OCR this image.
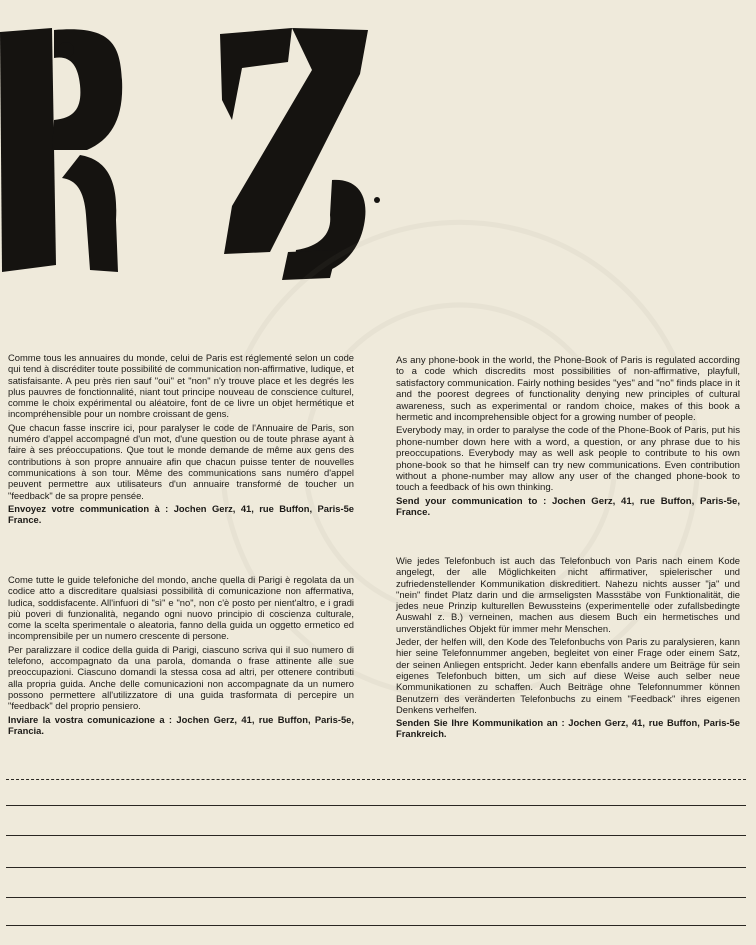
Comme tous les annuaires du monde, celui de Paris est réglementé selon un code qui tend à discréditer toute possibilité de communication non-affirmative, ludique, et satisfaisante. A peu près rien sauf "oui" et "non" n'y trouve place et les degrés les plus pauvres de fonctionnalité, niant tout principe nouveau de conscience culturel, comme le choix expérimental ou aléatoire, font de ce livre un objet hermétique et incompréhensible pour un nombre croissant de gens.

Que chacun fasse inscrire ici, pour paralyser le code de l'Annuaire de Paris, son numéro d'appel accompagné d'un mot, d'une question ou de toute phrase ayant à faire à ses préoccupations. Que tout le monde demande de même aux gens des contributions à son propre annuaire afin que chacun puisse tenter de nouvelles communications à son tour. Même des communications sans numéro d'appel peuvent permettre aux utilisateurs d'un annuaire transformé de toucher un "feedback" de sa propre pensée.

Envoyez votre communication à : Jochen Gerz, 41, rue Buffon, Paris-5e France.

As any phone-book in the world, the Phone-Book of Paris is regulated according to a code which discredits most possibilities of non-affirmative, playfull, satisfactory communication. Fairly nothing besides "yes" and "no" finds place in it and the poorest degrees of functionality denying new principles of cultural awareness, such as experimental or random choice, makes of this book a hermetic and incomprehensible object for a growing number of people.

Everybody may, in order to paralyse the code of the Phone-Book of Paris, put his phone-number down here with a word, a question, or any phrase due to his preoccupations. Everybody may as well ask people to contribute to his own phone-book so that he himself can try new communications. Even contribution without a phone-number may allow any user of the changed phone-book to touch a feedback of his own thinking.

Send your communication to : Jochen Gerz, 41, rue Buffon, Paris-5e, France.

Come tutte le guide telefoniche del mondo, anche quella di Parigi è regolata da un codice atto a discreditare qualsiasi possibilità di comunicazione non affermativa, ludica, soddisfacente. All'infuori di "sì" e "no", non c'è posto per nient'altro, e i gradi più poveri di funzionalità, negando ogni nuovo principio di coscienza culturale, come la scelta sperimentale o aleatoria, fanno della guida un oggetto ermetico ed incomprensibile per un numero crescente di persone.

Per paralizzare il codice della guida di Parigi, ciascuno scriva qui il suo numero di telefono, accompagnato da una parola, domanda o frase attinente alle sue preoccupazioni. Ciascuno domandi la stessa cosa ad altri, per ottenere contributi alla propria guida. Anche delle comunicazioni non accompagnate da un numero possono permettere all'utilizzatore di una guida trasformata di percepire un "feedback" del proprio pensiero.

Inviare la vostra comunicazione a : Jochen Gerz, 41, rue Buffon, Paris-5e, Francia.

Wie jedes Telefonbuch ist auch das Telefonbuch von Paris nach einem Kode angelegt, der alle Möglichkeiten nicht affirmativer, spielerischer und zufriedenstellender Kommunikation diskreditiert. Nahezu nichts ausser "ja" und "nein" findet Platz darin und die armseligsten Massstäbe von Funktionalität, die jedes neue Prinzip kulturellen Bewussteins (experimentelle oder zufallsbedingte Auswahl z. B.) verneinen, machen aus diesem Buch ein hermetisches und unverständliches Objekt für immer mehr Menschen.

Jeder, der helfen will, den Kode des Telefonbuchs von Paris zu paralysieren, kann hier seine Telefonnummer angeben, begleitet von einer Frage oder einem Satz, der seinen Anliegen entspricht. Jeder kann ebenfalls andere um Beiträge für sein eigenes Telefonbuch bitten, um sich auf diese Weise auch selber neue Kommunikationen zu schaffen. Auch Beiträge ohne Telefonnummer können Benutzern des veränderten Telefonbuchs zu einem "Feedback" ihres eigenen Denkens verhelfen.

Senden Sie Ihre Kommunikation an : Jochen Gerz, 41, rue Buffon, Paris-5e Frankreich.
